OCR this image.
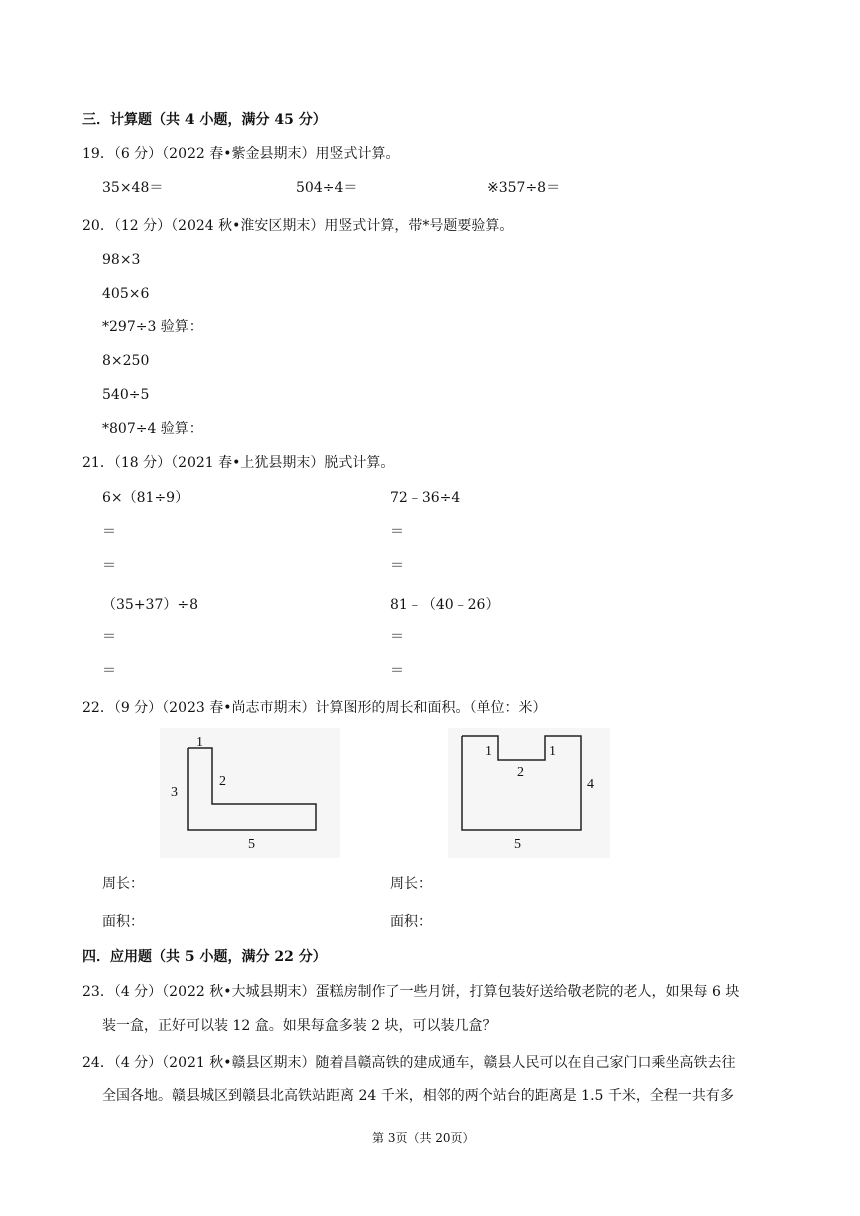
三．计算题（共 4 小题，满分 45 分）
19．（6 分）（2022 春•紫金县期末）用竖式计算。
35×48＝	504÷4＝	※357÷8＝
20．（12 分）（2024 秋•淮安区期末）用竖式计算，带*号题要验算。
98×3
405×6
*297÷3 验算：
8×250
540÷5
*807÷4 验算：
21．（18 分）（2021 春•上犹县期末）脱式计算。
6×（81÷9）	72﹣36÷4
＝	＝
＝	＝
（35+37）÷8	81﹣（40﹣26）
＝	＝
＝	＝
22．（9 分）（2023 春•尚志市期末）计算图形的周长和面积。（单位：米）
1
2
3
5
1	1
2
4
5
周长：	周长：
面积：	面积：
四．应用题（共 5 小题，满分 22 分）
23．（4 分）（2022 秋•大城县期末）蛋糕房制作了一些月饼，打算包装好送给敬老院的老人，如果每 6 块
装一盒，正好可以装 12 盒。如果每盒多装 2 块，可以装几盒？
24．（4 分）（2021 秋•赣县区期末）随着昌赣高铁的建成通车，赣县人民可以在自己家门口乘坐高铁去往
全国各地。赣县城区到赣县北高铁站距离 24 千米，相邻的两个站台的距离是 1.5 千米，全程一共有多
第 3页（共 20页）
